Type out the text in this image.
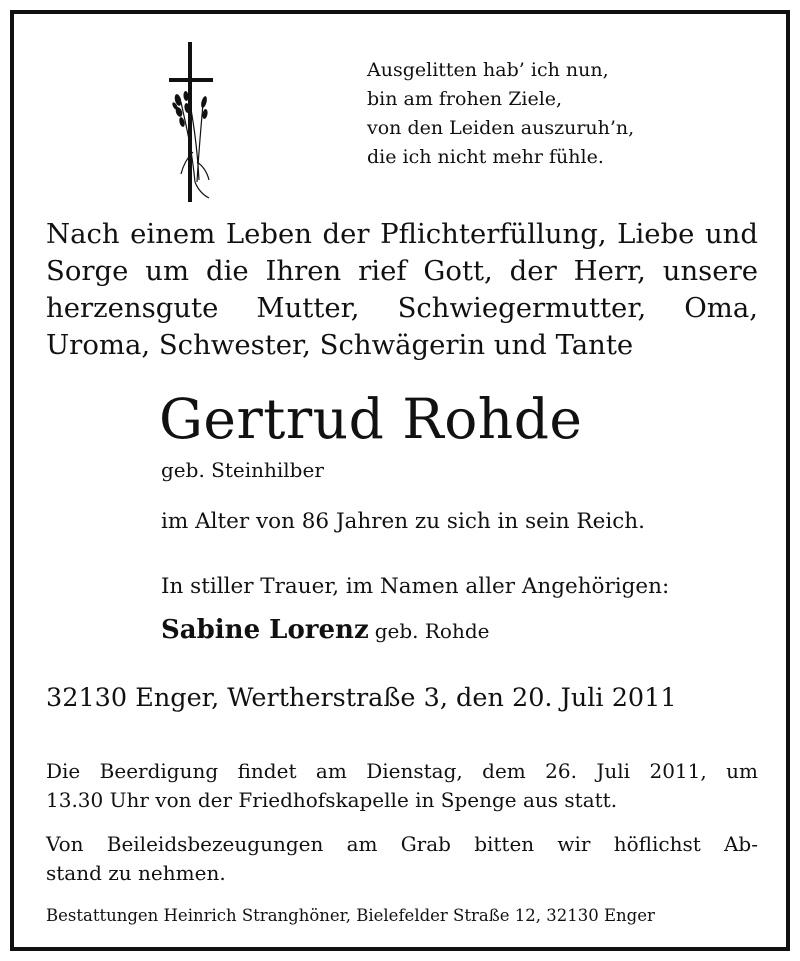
Ausgelitten hab’ ich nun,
bin am frohen Ziele,
von den Leiden auszuruh’n,
die ich nicht mehr fühle.
Nach einem Leben der Pflichterfüllung, Liebe und
Sorge um die Ihren rief Gott, der Herr, unsere
herzensgute Mutter, Schwiegermutter, Oma,
Uroma, Schwester, Schwägerin und Tante
Gertrud Rohde
geb. Steinhilber
im Alter von 86 Jahren zu sich in sein Reich.
In stiller Trauer, im Namen aller Angehörigen:
Sabine Lorenz geb. Rohde
32130 Enger, Wertherstraße 3, den 20. Juli 2011
Die Beerdigung findet am Dienstag, dem 26. Juli 2011, um
13.30 Uhr von der Friedhofskapelle in Spenge aus statt.
Von Beileidsbezeugungen am Grab bitten wir höflichst Ab-
stand zu nehmen.
Bestattungen Heinrich Stranghöner, Bielefelder Straße 12, 32130 Enger
